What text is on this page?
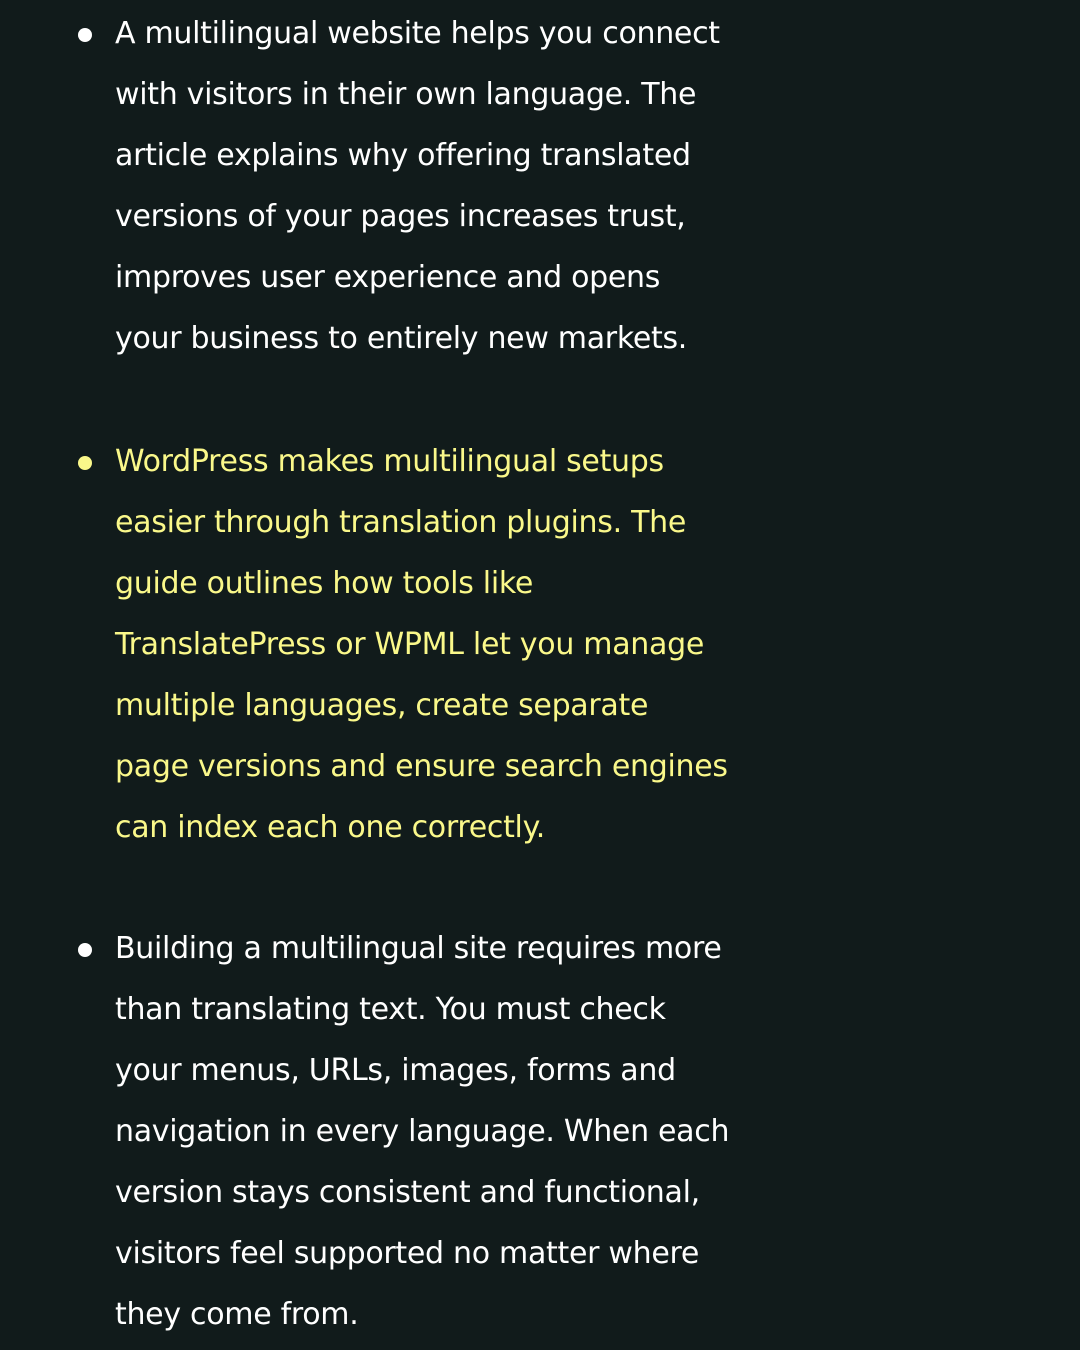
A multilingual website helps you connect
with visitors in their own language. The
article explains why offering translated
versions of your pages increases trust,
improves user experience and opens
your business to entirely new markets.
WordPress makes multilingual setups
easier through translation plugins. The
guide outlines how tools like
TranslatePress or WPML let you manage
multiple languages, create separate
page versions and ensure search engines
can index each one correctly.
Building a multilingual site requires more
than translating text. You must check
your menus, URLs, images, forms and
navigation in every language. When each
version stays consistent and functional,
visitors feel supported no matter where
they come from.
